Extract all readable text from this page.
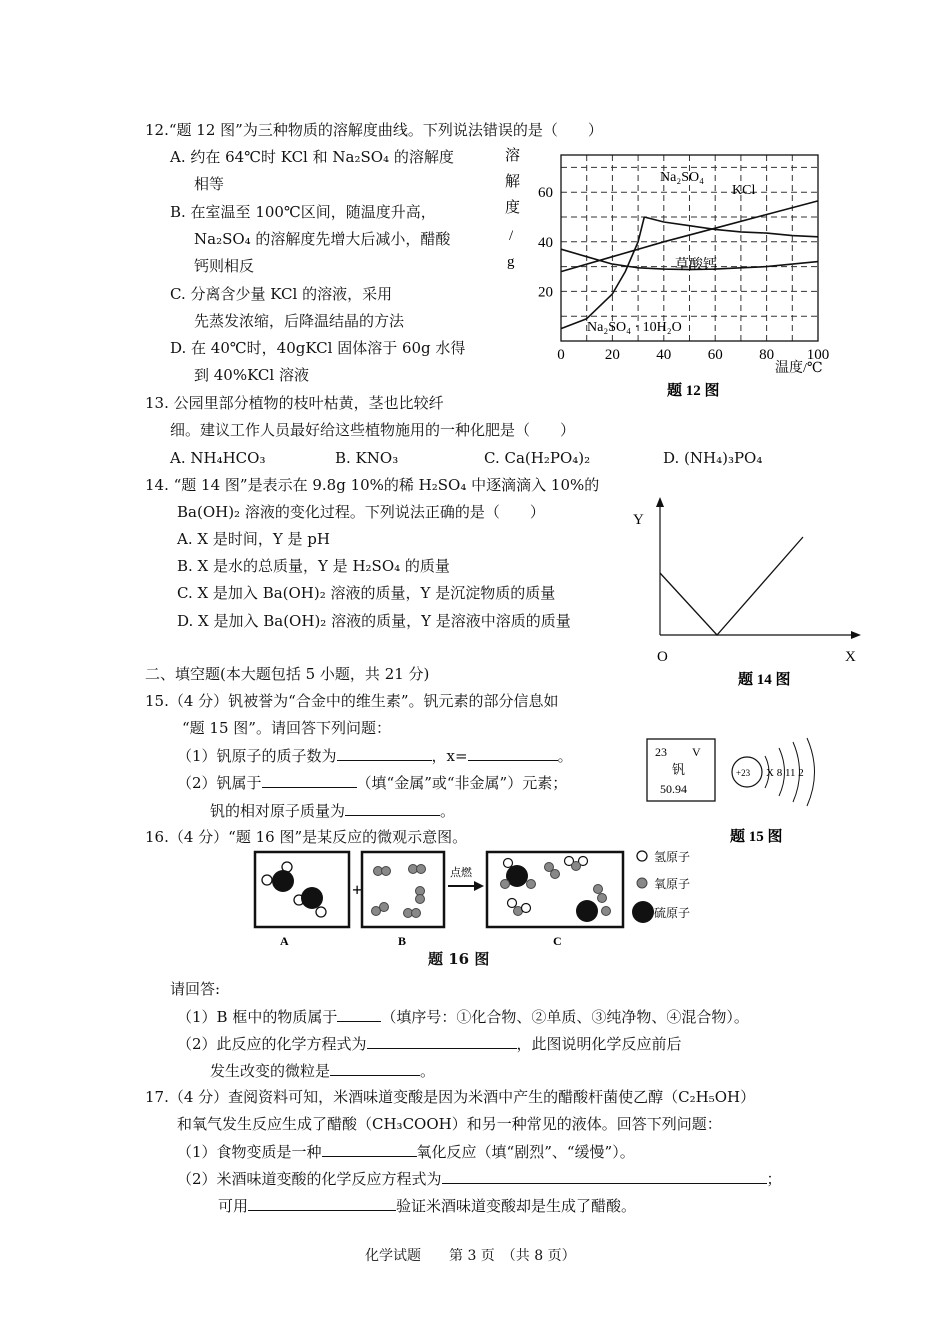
12.“题 12 图”为三种物质的溶解度曲线。下列说法错误的是（　　）
A. 约在 64℃时 KCl 和 Na₂SO₄ 的溶解度
相等
B. 在室温至 100℃区间，随温度升高，
Na₂SO₄ 的溶解度先增大后减小，醋酸
钙则相反
C. 分离含少量 KCl 的溶液，采用
先蒸发浓缩，后降温结晶的方法
D. 在 40℃时，40gKCl 固体溶于 60g 水得
到 40%KCl 溶液
溶
解
度
/
g
60
40
20
0	20 40 60 80 100
Na₂SO₄
KCl
草酸钙
Na₂SO₄ · 10H₂O
温度/℃
题 12 图
13. 公园里部分植物的枝叶枯黄，茎也比较纤
细。建议工作人员最好给这些植物施用的一种化肥是（　　）
A. NH₄HCO₃	B. KNO₃	C. Ca(H₂PO₄)₂	D. (NH₄)₃PO₄
14. “题 14 图”是表示在 9.8g 10%的稀 H₂SO₄ 中逐滴滴入 10%的
Ba(OH)₂ 溶液的变化过程。下列说法正确的是（　　）
A. X 是时间，Y 是 pH
B. X 是水的总质量，Y 是 H₂SO₄ 的质量
C. X 是加入 Ba(OH)₂ 溶液的质量，Y 是沉淀物质的质量
D. X 是加入 Ba(OH)₂ 溶液的质量，Y 是溶液中溶质的质量
Y
O	X
题 14 图
二、填空题(本大题包括 5 小题，共 21 分)
15.（4 分）钒被誉为“合金中的维生素”。钒元素的部分信息如
“题 15 图”。请回答下列问题：
（1）钒原子的质子数为	，x=	。
（2）钒属于	（填“金属”或“非金属”）元素；
钒的相对原子质量为	。
23 V
钒
50.94
+23 X 8 11 2
题 15 图
16.（4 分）“题 16 图”是某反应的微观示意图。
+
点燃
氢原子
氧原子
硫原子
A	B	C
题 16 图
请回答:
（1）B 框中的物质属于	（填序号：①化合物、②单质、③纯净物、④混合物）。
（2）此反应的化学方程式为	，此图说明化学反应前后
发生改变的微粒是	。
17.（4 分）查阅资料可知，米酒味道变酸是因为米酒中产生的醋酸杆菌使乙醇（C₂H₅OH）
和氧气发生反应生成了醋酸（CH₃COOH）和另一种常见的液体。回答下列问题：
（1）食物变质是一种	氧化反应（填“剧烈”、“缓慢”）。
（2）米酒味道变酸的化学反应方程式为	；
可用	验证米酒味道变酸却是生成了醋酸。
化学试题　　第 3 页　（共 8 页）
